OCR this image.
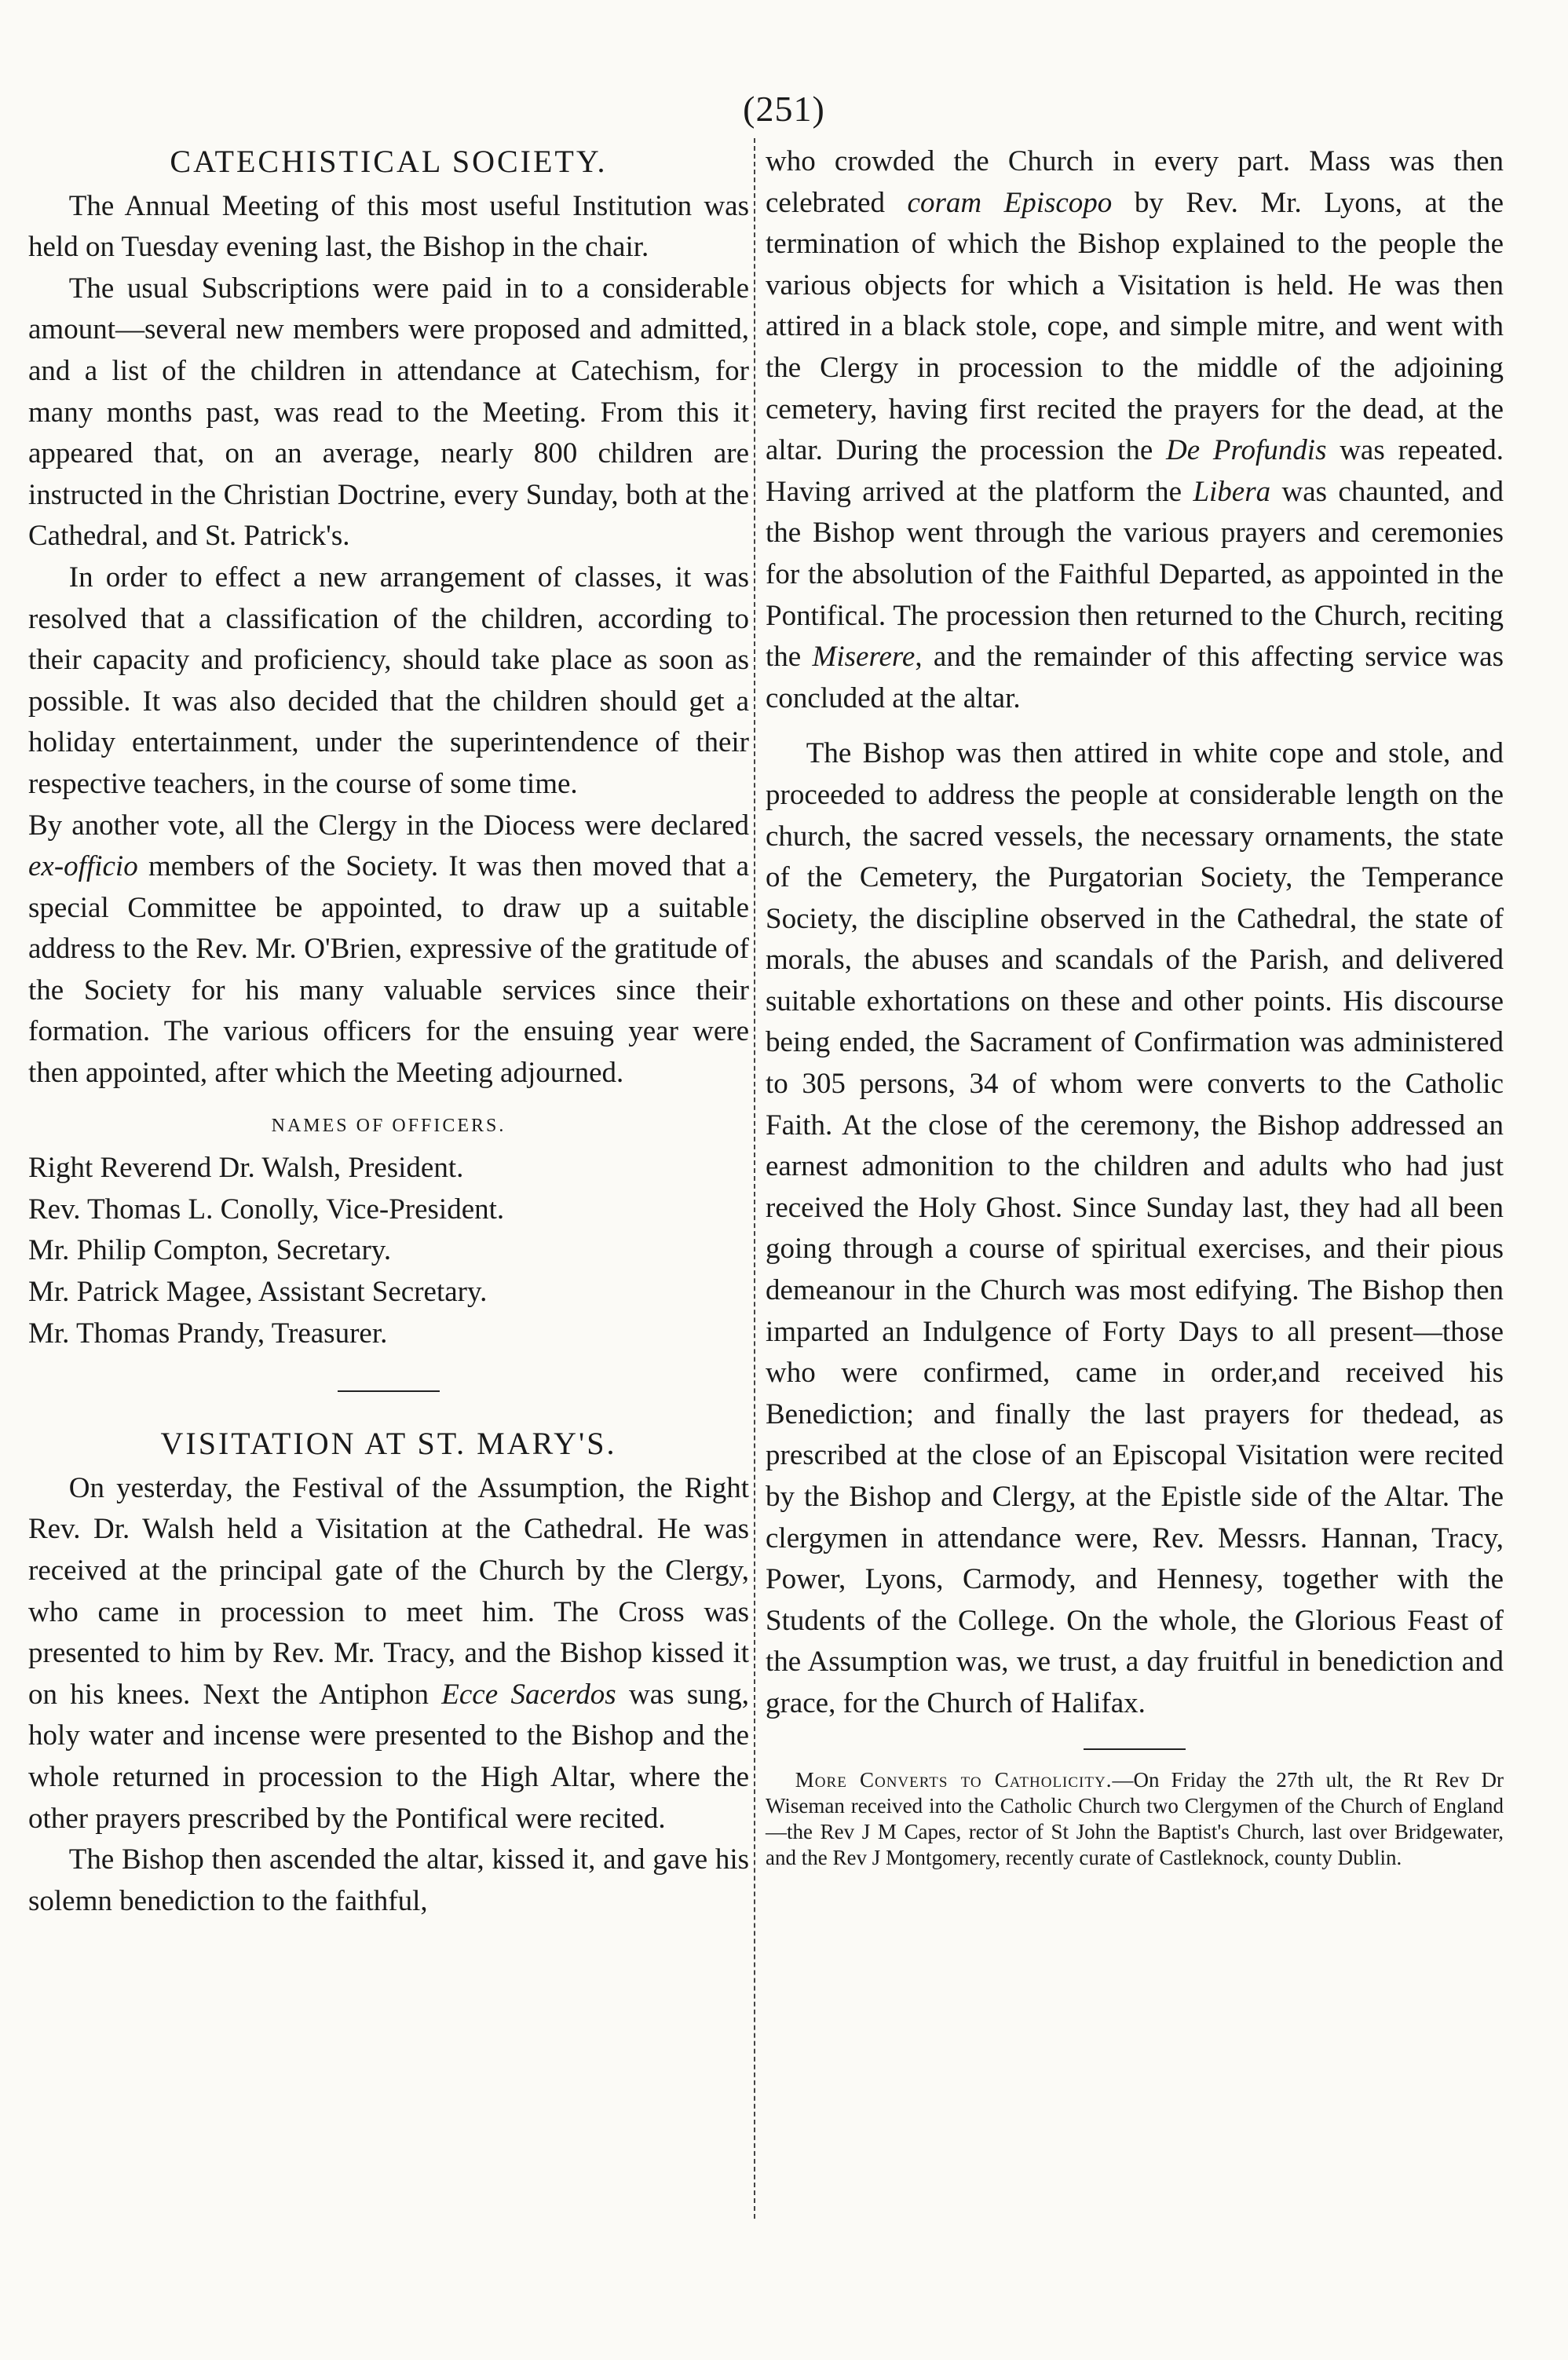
(251)
CATECHISTICAL SOCIETY.

The Annual Meeting of this most useful Institution was held on Tuesday evening last, the Bishop in the chair.

The usual Subscriptions were paid in to a considerable amount—several new members were proposed and admitted, and a list of the children in attendance at Catechism, for many months past, was read to the Meeting. From this it appeared that, on an average, nearly 800 children are instructed in the Christian Doctrine, every Sunday, both at the Cathedral, and St. Patrick's.

In order to effect a new arrangement of classes, it was resolved that a classification of the children, according to their capacity and proficiency, should take place as soon as possible. It was also decided that the children should get a holiday entertainment, under the superintendence of their respective teachers, in the course of some time.

By another vote, all the Clergy in the Diocess were declared ex-officio members of the Society. It was then moved that a special Committee be appointed, to draw up a suitable address to the Rev. Mr. O'Brien, expressive of the gratitude of the Society for his many valuable services since their formation. The various officers for the ensuing year were then appointed, after which the Meeting adjourned.

NAMES OF OFFICERS.
Right Reverend Dr. Walsh, President.
Rev. Thomas L. Conolly, Vice-President.
Mr. Philip Compton, Secretary.
Mr. Patrick Magee, Assistant Secretary.
Mr. Thomas Prandy, Treasurer.
VISITATION AT ST. MARY'S.

On yesterday, the Festival of the Assumption, the Right Rev. Dr. Walsh held a Visitation at the Cathedral. He was received at the principal gate of the Church by the Clergy, who came in procession to meet him. The Cross was presented to him by Rev. Mr. Tracy, and the Bishop kissed it on his knees. Next the Antiphon Ecce Sacerdos was sung, holy water and incense were presented to the Bishop and the whole returned in procession to the High Altar, where the other prayers prescribed by the Pontifical were recited.

The Bishop then ascended the altar, kissed it, and gave his solemn benediction to the faithful,

who crowded the Church in every part. Mass was then celebrated coram Episcopo by Rev. Mr. Lyons, at the termination of which the Bishop explained to the people the various objects for which a Visitation is held. He was then attired in a black stole, cope, and simple mitre, and went with the Clergy in procession to the middle of the adjoining cemetery, having first recited the prayers for the dead, at the altar. During the procession the De Profundis was repeated. Having arrived at the platform the Libera was chaunted, and the Bishop went through the various prayers and ceremonies for the absolution of the Faithful Departed, as appointed in the Pontifical. The procession then returned to the Church, reciting the Miserere, and the remainder of this affecting service was concluded at the altar.

The Bishop was then attired in white cope and stole, and proceeded to address the people at considerable length on the church, the sacred vessels, the necessary ornaments, the state of the Cemetery, the Purgatorian Society, the Temperance Society, the discipline observed in the Cathedral, the state of morals, the abuses and scandals of the Parish, and delivered suitable exhortations on these and other points. His discourse being ended, the Sacrament of Confirmation was administered to 305 persons, 34 of whom were converts to the Catholic Faith. At the close of the ceremony, the Bishop addressed an earnest admonition to the children and adults who had just received the Holy Ghost. Since Sunday last, they had all been going through a course of spiritual exercises, and their pious demeanour in the Church was most edifying. The Bishop then imparted an Indulgence of Forty Days to all present—those who were confirmed, came in order,and received his Benediction; and finally the last prayers for thedead, as prescribed at the close of an Episcopal Visitation were recited by the Bishop and Clergy, at the Epistle side of the Altar. The clergymen in attendance were, Rev. Messrs. Hannan, Tracy, Power, Lyons, Carmody, and Hennesy, together with the Students of the College. On the whole, the Glorious Feast of the Assumption was, we trust, a day fruitful in benediction and grace, for the Church of Halifax.

More Converts to Catholicity.—On Friday the 27th ult, the Rt Rev Dr Wiseman received into the Catholic Church two Clergymen of the Church of England—the Rev J M Capes, rector of St John the Baptist's Church, last over Bridgewater, and the Rev J Montgomery, recently curate of Castleknock, county Dublin.
